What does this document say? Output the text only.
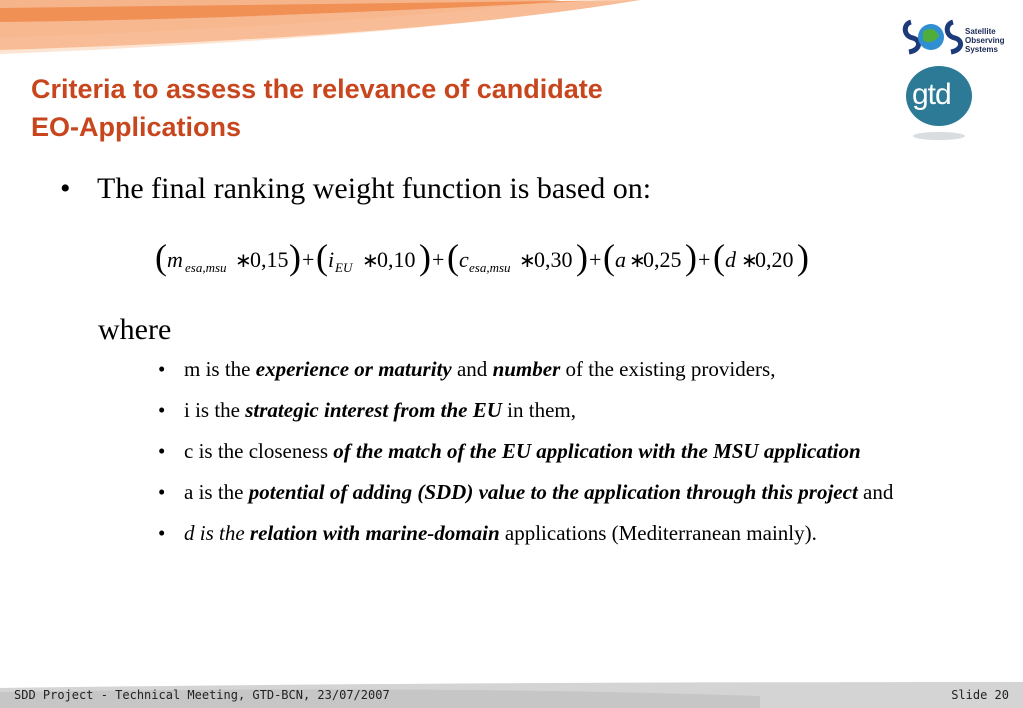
Criteria to assess the relevance of candidate
EO-Applications
Satellite
Observing
Systems
gtd
• The final ranking weight function is based on:
( m esa,msu ∗
0,15 ) + ( i EU ∗
0,10 ) + ( c esa,msu ∗
0,30 ) + ( a ∗
0,25 ) + ( d ∗
0,20 )
where
• m is the experience or maturity and number of the existing providers,
• i is the strategic interest from the EU in them,
• c is the closeness of the match of the EU application with the MSU application
• a is the potential of adding (SDD) value to the application through this project and
• d is the relation with marine-domain applications (Mediterranean mainly).
SDD Project - Technical Meeting, GTD-BCN, 23/07/2007	Slide 20
